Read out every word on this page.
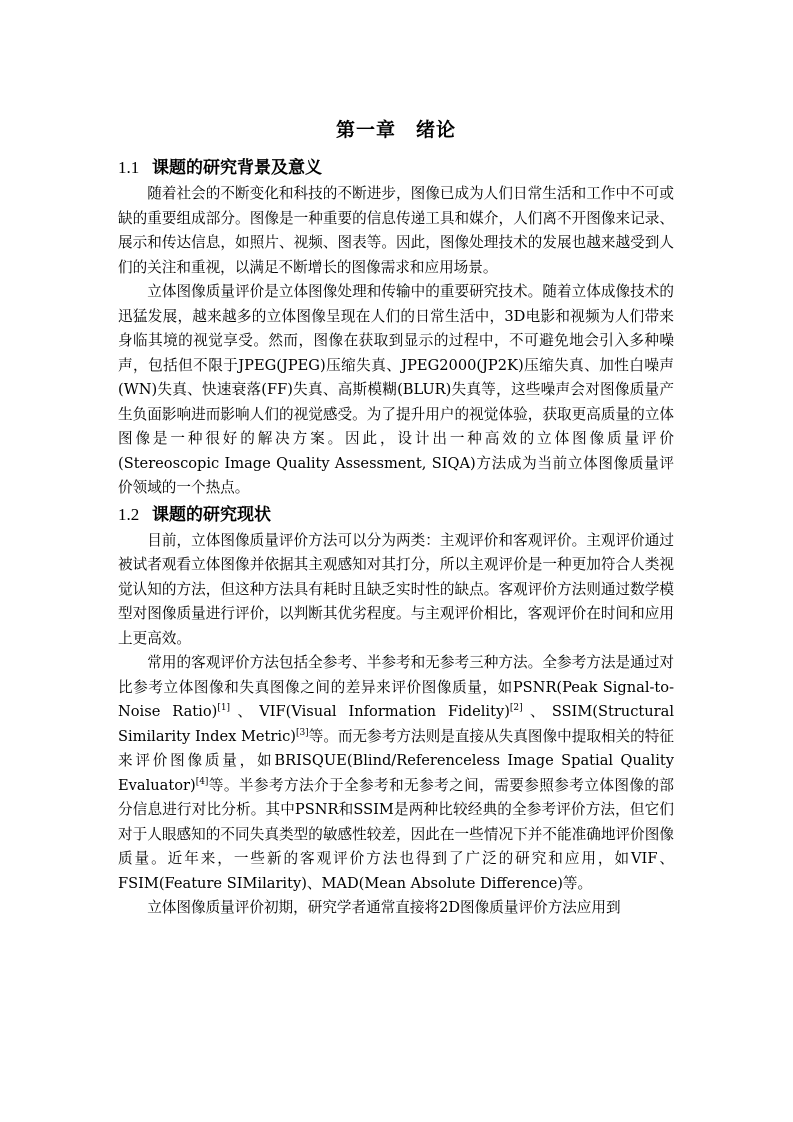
第一章 绪论
1.1 课题的研究背景及意义

随着社会的不断变化和科技的不断进步，图像已成为人们日常生活和工作中不可或缺的重要组成部分。图像是一种重要的信息传递工具和媒介，人们离不开图像来记录、展示和传达信息，如照片、视频、图表等。因此，图像处理技术的发展也越来越受到人们的关注和重视，以满足不断增长的图像需求和应用场景。

立体图像质量评价是立体图像处理和传输中的重要研究技术。随着立体成像技术的迅猛发展，越来越多的立体图像呈现在人们的日常生活中，3D电影和视频为人们带来身临其境的视觉享受。然而，图像在获取到显示的过程中，不可避免地会引入多种噪声，包括但不限于JPEG(JPEG)压缩失真、JPEG2000(JP2K)压缩失真、加性白噪声(WN)失真、快速衰落(FF)失真、高斯模糊(BLUR)失真等，这些噪声会对图像质量产生负面影响进而影响人们的视觉感受。为了提升用户的视觉体验，获取更高质量的立体图像是一种很好的解决方案。因此，设计出一种高效的立体图像质量评价(Stereoscopic Image Quality Assessment, SIQA)方法成为当前立体图像质量评价领域的一个热点。

1.2 课题的研究现状

目前，立体图像质量评价方法可以分为两类：主观评价和客观评价。主观评价通过被试者观看立体图像并依据其主观感知对其打分，所以主观评价是一种更加符合人类视觉认知的方法，但这种方法具有耗时且缺乏实时性的缺点。客观评价方法则通过数学模型对图像质量进行评价，以判断其优劣程度。与主观评价相比，客观评价在时间和应用上更高效。

常用的客观评价方法包括全参考、半参考和无参考三种方法。全参考方法是通过对比参考立体图像和失真图像之间的差异来评价图像质量，如PSNR(Peak Signal-to-Noise Ratio)[1]、VIF(Visual Information Fidelity)[2]、SSIM(Structural Similarity Index Metric)[3]等。而无参考方法则是直接从失真图像中提取相关的特征来评价图像质量，如BRISQUE(Blind/Referenceless Image Spatial Quality Evaluator)[4]等。半参考方法介于全参考和无参考之间，需要参照参考立体图像的部分信息进行对比分析。其中PSNR和SSIM是两种比较经典的全参考评价方法，但它们对于人眼感知的不同失真类型的敏感性较差，因此在一些情况下并不能准确地评价图像质量。近年来，一些新的客观评价方法也得到了广泛的研究和应用，如VIF、FSIM(Feature SIMilarity)、MAD(Mean Absolute Difference)等。

立体图像质量评价初期，研究学者通常直接将2D图像质量评价方法应用到
